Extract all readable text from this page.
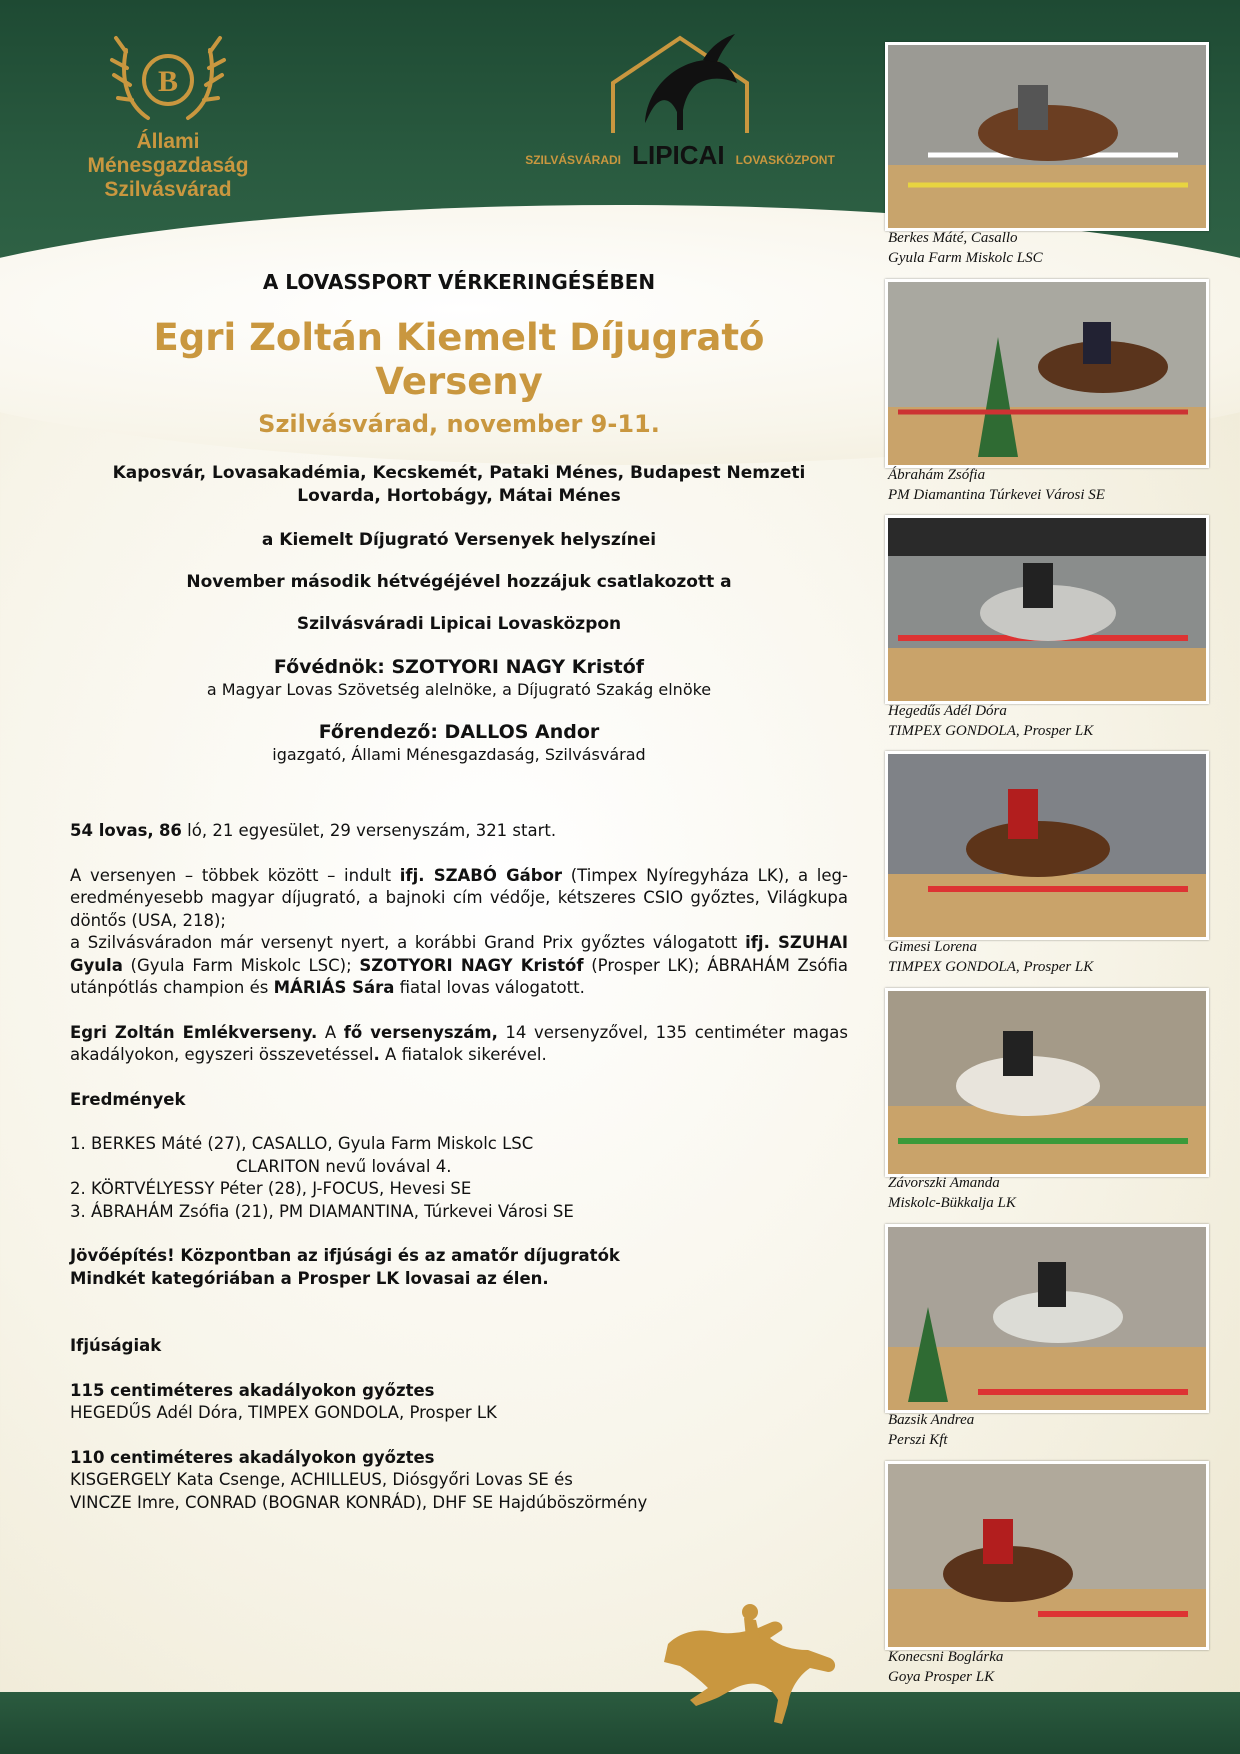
B
Állami Ménesgazdaság
Szilvásvárad
SZILVÁSVÁRADI LIPICAI LOVASKÖZPONT

A LOVASSPORT VÉRKERINGÉSÉBEN

Egri Zoltán Kiemelt Díjugrató Verseny

Szilvásvárad, november 9-11.

Kaposvár, Lovasakadémia, Kecskemét, Pataki Ménes, Budapest Nemzeti Lovarda, Hortobágy, Mátai Ménes

a Kiemelt Díjugrató Versenyek helyszínei

November második hétvégéjével hozzájuk csatlakozott a

Szilvásváradi Lipicai Lovasközpon

Fővédnök: SZOTYORI NAGY Kristóf

a Magyar Lovas Szövetség alelnöke, a Díjugrató Szakág elnöke

Főrendező: DALLOS Andor

igazgató, Állami Ménesgazdaság, Szilvásvárad

54 lovas, 86 ló, 21 egyesület, 29 versenyszám, 321 start.

A versenyen – többek között – indult ifj. SZABÓ Gábor (Timpex Nyíregyháza LK), a leg-eredményesebb magyar díjugrató, a bajnoki cím védője, kétszeres CSIO győztes, Világkupa döntős (USA, 218);
a Szilvásváradon már versenyt nyert, a korábbi Grand Prix győztes válogatott ifj. SZUHAI Gyula (Gyula Farm Miskolc LSC); SZOTYORI NAGY Kristóf (Prosper LK); ÁBRAHÁM Zsófia utánpótlás champion és MÁRIÁS Sára fiatal lovas válogatott.

Egri Zoltán Emlékverseny. A fő versenyszám, 14 versenyzővel, 135 centiméter magas akadályokon, egyszeri összevetéssel. A fiatalok sikerével.

Eredmények

1. BERKES Máté (27), CASALLO, Gyula Farm Miskolc LSC

CLARITON nevű lovával 4.

2. KÖRTVÉLYESSY Péter (28), J-FOCUS, Hevesi SE

3. ÁBRAHÁM Zsófia (21), PM DIAMANTINA, Túrkevei Városi SE

Jövőépítés! Központban az ifjúsági és az amatőr díjugratók

Mindkét kategóriában a Prosper LK lovasai az élen.

Ifjúságiak

115 centiméteres akadályokon győztes

HEGEDŰS Adél Dóra, TIMPEX GONDOLA, Prosper LK

110 centiméteres akadályokon győztes

KISGERGELY Kata Csenge, ACHILLEUS, Diósgyőri Lovas SE és

VINCZE Imre, CONRAD (BOGNAR KONRÁD), DHF SE Hajdúböszörmény

Berkes Máté, Casallo
Gyula Farm Miskolc LSC
Ábrahám Zsófia
PM Diamantina Túrkevei Városi SE
Hegedűs Adél Dóra
TIMPEX GONDOLA, Prosper LK
Gimesi Lorena
TIMPEX GONDOLA, Prosper LK
Závorszki Amanda
Miskolc-Bükkalja LK
Bazsik Andrea
Perszi Kft
Konecsni Boglárka
Goya Prosper LK
